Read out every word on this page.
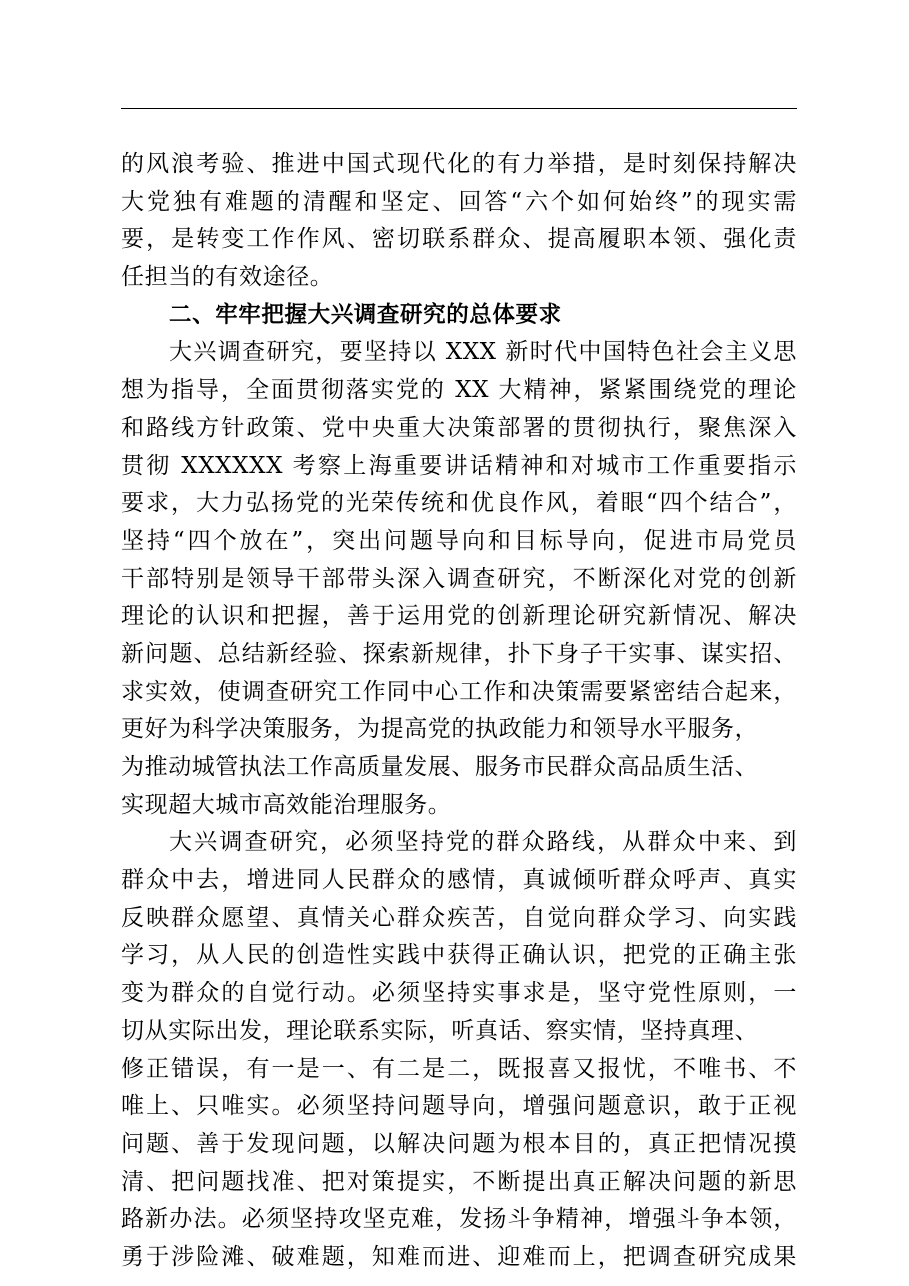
的风浪考验、推进中国式现代化的有力举措，是时刻保持解决
大党独有难题的清醒和坚定、回答“六个如何始终”的现实需
要，是转变工作作风、密切联系群众、提高履职本领、强化责
任担当的有效途径。
二、牢牢把握大兴调查研究的总体要求
大兴调查研究，要坚持以 XXX 新时代中国特色社会主义思
想为指导，全面贯彻落实党的 XX 大精神，紧紧围绕党的理论
和路线方针政策、党中央重大决策部署的贯彻执行，聚焦深入
贯彻 XXXXXX 考察上海重要讲话精神和对城市工作重要指示
要求，大力弘扬党的光荣传统和优良作风，着眼“四个结合”，
坚持“四个放在”，突出问题导向和目标导向，促进市局党员
干部特别是领导干部带头深入调查研究，不断深化对党的创新
理论的认识和把握，善于运用党的创新理论研究新情况、解决
新问题、总结新经验、探索新规律，扑下身子干实事、谋实招、
求实效，使调查研究工作同中心工作和决策需要紧密结合起来，
更好为科学决策服务，为提高党的执政能力和领导水平服务，
为推动城管执法工作高质量发展、服务市民群众高品质生活、
实现超大城市高效能治理服务。
大兴调查研究，必须坚持党的群众路线，从群众中来、到
群众中去，增进同人民群众的感情，真诚倾听群众呼声、真实
反映群众愿望、真情关心群众疾苦，自觉向群众学习、向实践
学习，从人民的创造性实践中获得正确认识，把党的正确主张
变为群众的自觉行动。必须坚持实事求是，坚守党性原则，一
切从实际出发，理论联系实际，听真话、察实情，坚持真理、
修正错误，有一是一、有二是二，既报喜又报忧，不唯书、不
唯上、只唯实。必须坚持问题导向，增强问题意识，敢于正视
问题、善于发现问题，以解决问题为根本目的，真正把情况摸
清、把问题找准、把对策提实，不断提出真正解决问题的新思
路新办法。必须坚持攻坚克难，发扬斗争精神，增强斗争本领，
勇于涉险滩、破难题，知难而进、迎难而上，把调查研究成果
